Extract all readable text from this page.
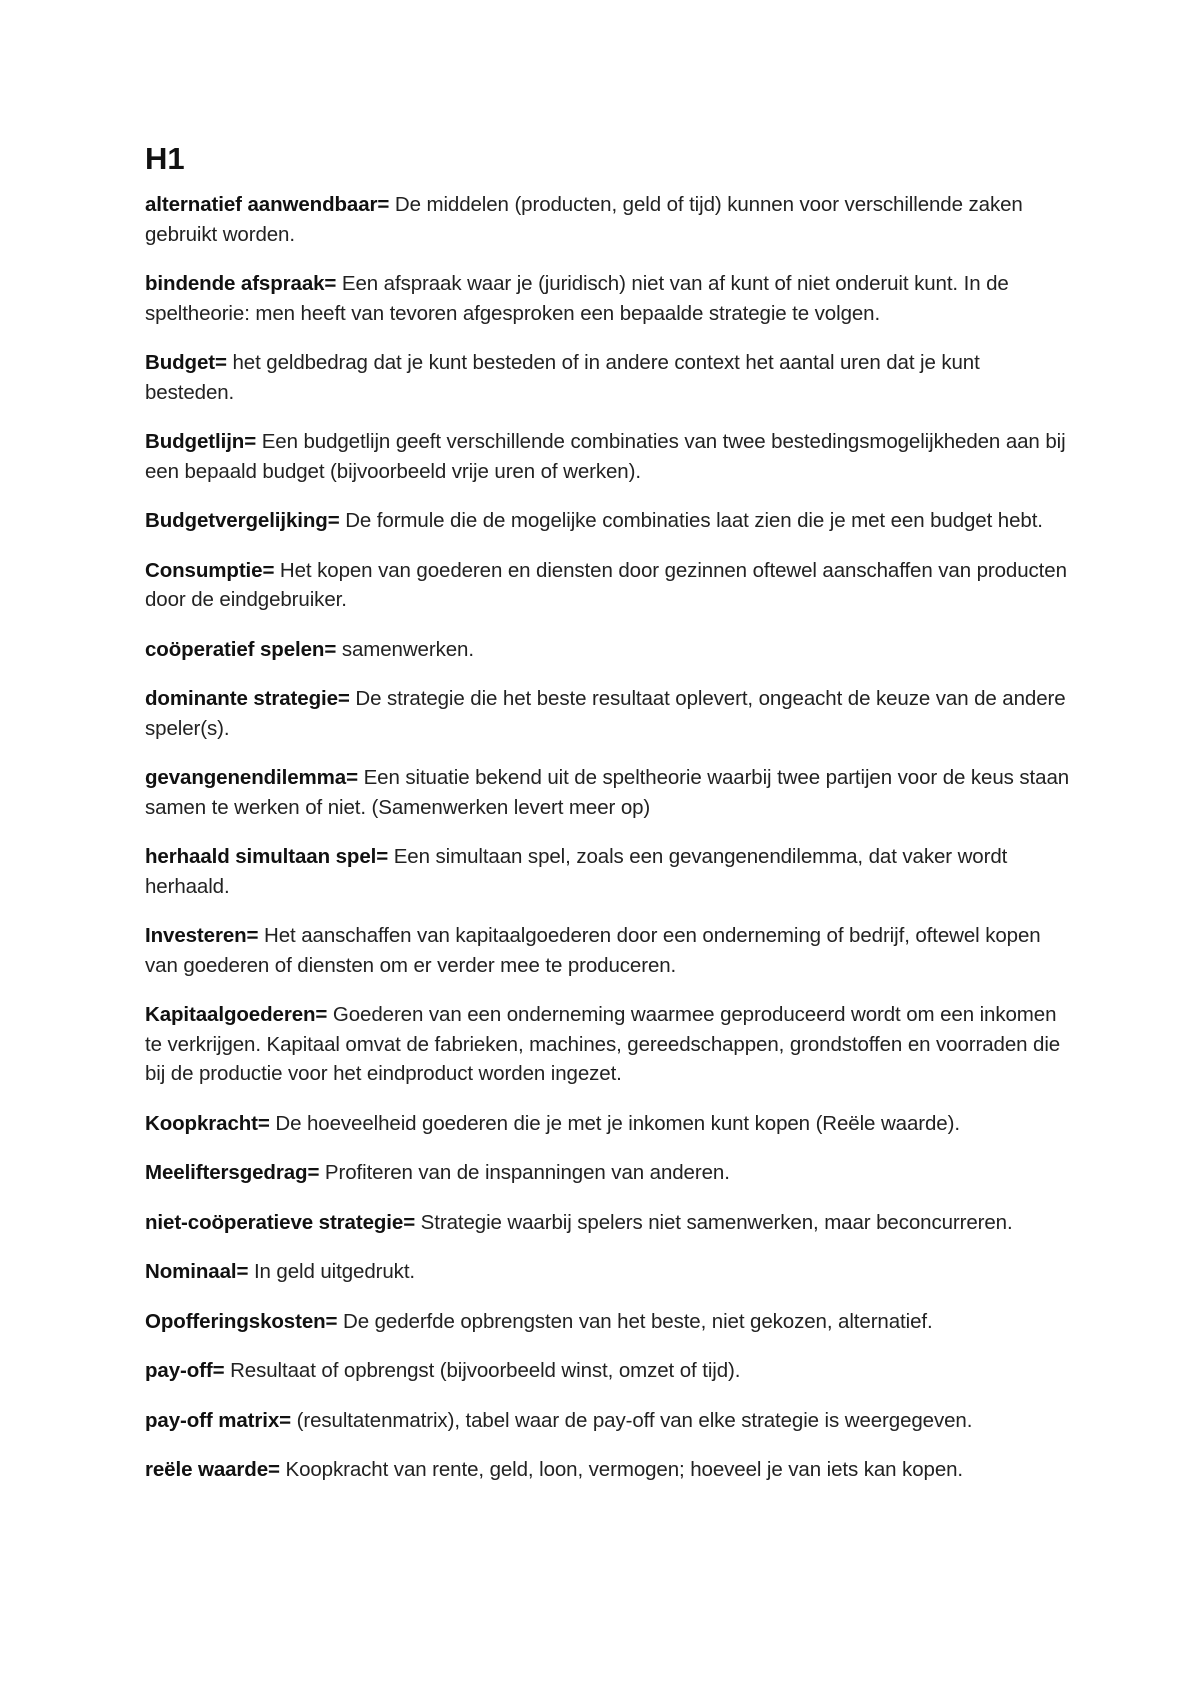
H1

alternatief aanwendbaar= De middelen (producten, geld of tijd) kunnen voor verschillende zaken gebruikt worden.

bindende afspraak= Een afspraak waar je (juridisch) niet van af kunt of niet onderuit kunt. In de speltheorie: men heeft van tevoren afgesproken een bepaalde strategie te volgen.

Budget= het geldbedrag dat je kunt besteden of in andere context het aantal uren dat je kunt besteden.

Budgetlijn= Een budgetlijn geeft verschillende combinaties van twee bestedingsmogelijkheden aan bij een bepaald budget (bijvoorbeeld vrije uren of werken).

Budgetvergelijking= De formule die de mogelijke combinaties laat zien die je met een budget hebt.

Consumptie= Het kopen van goederen en diensten door gezinnen oftewel aanschaffen van producten door de eindgebruiker.

coöperatief spelen= samenwerken.

dominante strategie= De strategie die het beste resultaat oplevert, ongeacht de keuze van de andere speler(s).

gevangenendilemma= Een situatie bekend uit de speltheorie waarbij twee partijen voor de keus staan samen te werken of niet. (Samenwerken levert meer op)

herhaald simultaan spel= Een simultaan spel, zoals een gevangenendilemma, dat vaker wordt herhaald.

Investeren= Het aanschaffen van kapitaalgoederen door een onderneming of bedrijf, oftewel kopen van goederen of diensten om er verder mee te produceren.

Kapitaalgoederen= Goederen van een onderneming waarmee geproduceerd wordt om een inkomen te verkrijgen. Kapitaal omvat de fabrieken, machines, gereedschappen, grondstoffen en voorraden die bij de productie voor het eindproduct worden ingezet.

Koopkracht= De hoeveelheid goederen die je met je inkomen kunt kopen (Reële waarde).

Meeliftersgedrag= Profiteren van de inspanningen van anderen.

niet-coöperatieve strategie= Strategie waarbij spelers niet samenwerken, maar beconcurreren.

Nominaal= In geld uitgedrukt.

Opofferingskosten= De gederfde opbrengsten van het beste, niet gekozen, alternatief.

pay-off= Resultaat of opbrengst (bijvoorbeeld winst, omzet of tijd).

pay-off matrix= (resultatenmatrix), tabel waar de pay-off van elke strategie is weergegeven.

reële waarde= Koopkracht van rente, geld, loon, vermogen; hoeveel je van iets kan kopen.
